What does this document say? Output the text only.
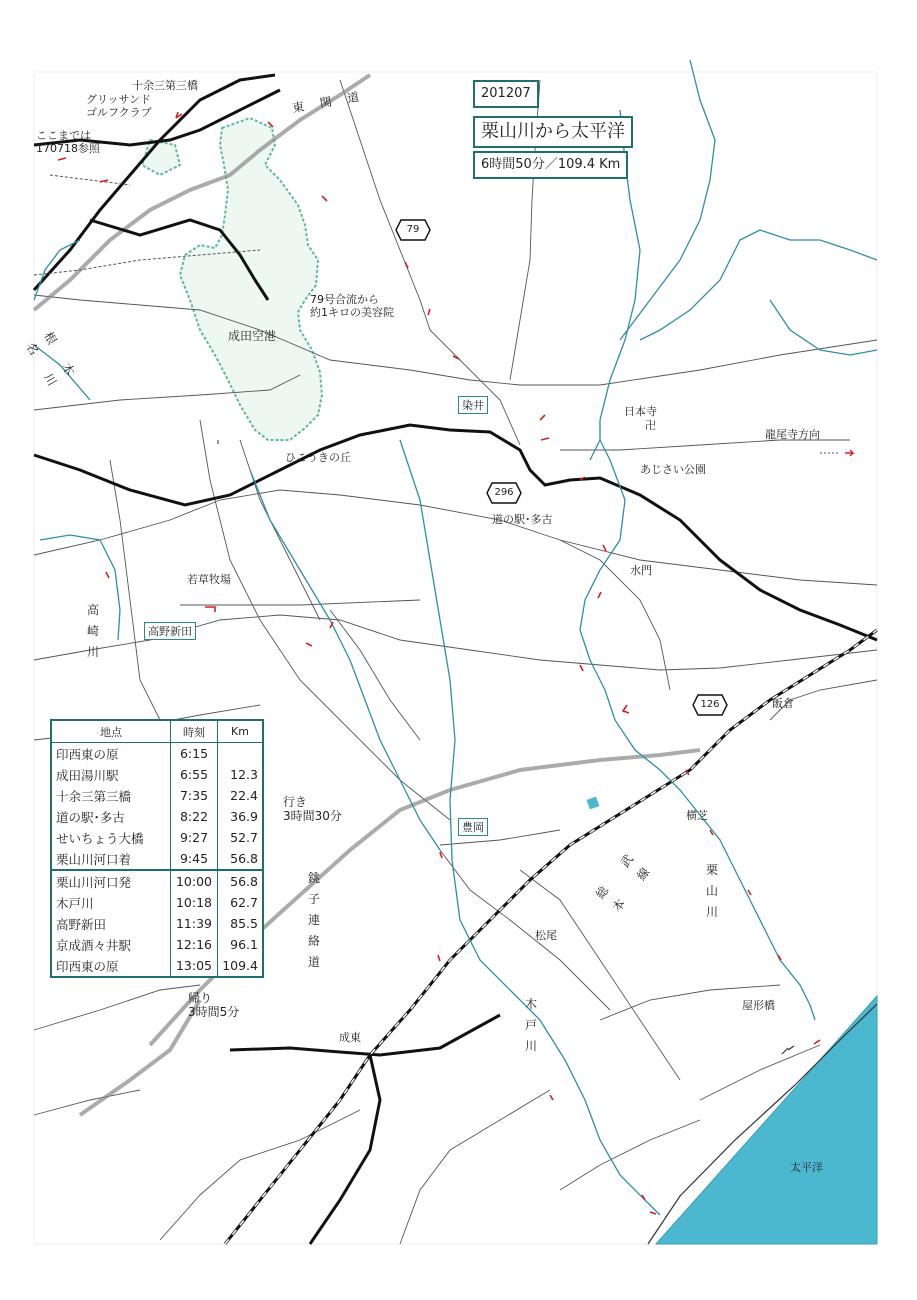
201207
栗山川から太平洋
6時間50分／109.4 Km
79
296
126
十余三第三橋
グリッサンド
ゴルフクラブ
ここまでは
170718参照
東 関 道
79号合流から
約1キロの美容院
成田空港
ひこうきの丘
染井	日本寺
卍
龍尾寺方向
あじさい公園
道の駅･多古
水門
若草牧場
高野新田
飯倉
横芝
松尾
豊岡
成東
屋形橋
太平洋
行き
3時間30分
帰り
3時間5分
根 木 名 川
高 崎 川
総 武 本 線
銚 子 連 絡 道
栗 山 川
木 戸 川
地点	時刻	Km
印西東の原	6:15	
成田湯川駅	6:55	12.3
十余三第三橋	7:35	22.4
道の駅･多古	8:22	36.9
せいちょう大橋	9:27	52.7
栗山川河口着	9:45	56.8
栗山川河口発	10:00	56.8
木戸川	10:18	62.7
高野新田	11:39	85.5
京成酒々井駅	12:16	96.1
印西東の原	13:05	109.4
